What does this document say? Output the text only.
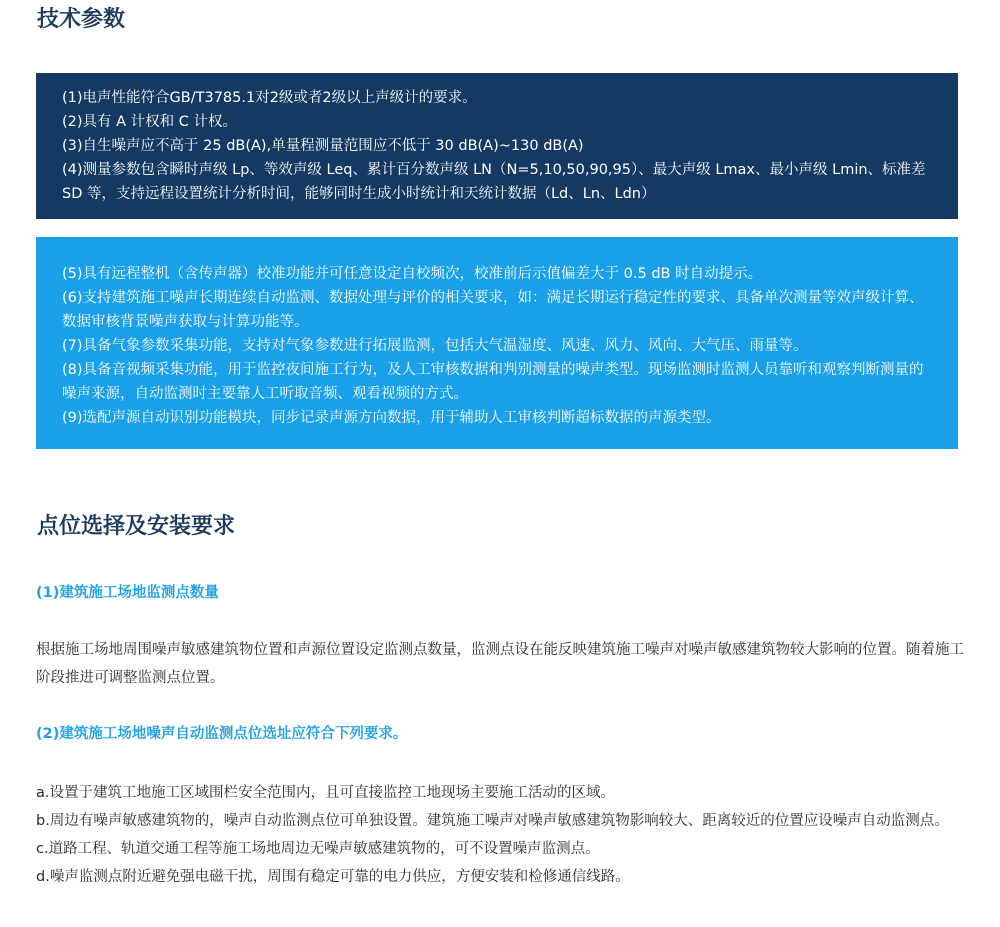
技术参数

(1)电声性能符合GB/T3785.1对2级或者2级以上声级计的要求。

(2)具有 A 计权和 C 计权。

(3)自生噪声应不高于 25 dB(A),单量程测量范围应不低于 30 dB(A)~130 dB(A)

(4)测量参数包含瞬时声级 Lp、等效声级 Leq、累计百分数声级 LN（N=5,10,50,90,95）、最大声级 Lmax、最小声级 Lmin、标准差 SD 等，支持远程设置统计分析时间，能够同时生成小时统计和天统计数据（Ld、Ln、Ldn）

(5)具有远程整机（含传声器）校准功能并可任意设定自校频次，校准前后示值偏差大于 0.5 dB 时自动提示。

(6)支持建筑施工噪声长期连续自动监测、数据处理与评价的相关要求，如：满足长期运行稳定性的要求、具备单次测量等效声级计算、数据审核背景噪声获取与计算功能等。

(7)具备气象参数采集功能，支持对气象参数进行拓展监测，包括大气温湿度、风速、风力、风向、大气压、雨量等。

(8)具备音视频采集功能，用于监控夜间施工行为，及人工审核数据和判别测量的噪声类型。现场监测时监测人员靠听和观察判断测量的噪声来源，自动监测时主要靠人工听取音频、观看视频的方式。

(9)选配声源自动识别功能模块，同步记录声源方向数据，用于辅助人工审核判断超标数据的声源类型。

点位选择及安装要求
(1)建筑施工场地监测点数量

根据施工场地周围噪声敏感建筑物位置和声源位置设定监测点数量，监测点设在能反映建筑施工噪声对噪声敏感建筑物较大影响的位置。随着施工阶段推进可调整监测点位置。

(2)建筑施工场地噪声自动监测点位选址应符合下列要求。

a.设置于建筑工地施工区域围栏安全范围内，且可直接监控工地现场主要施工活动的区域。

b.周边有噪声敏感建筑物的，噪声自动监测点位可单独设置。建筑施工噪声对噪声敏感建筑物影响较大、距离较近的位置应设噪声自动监测点。

c.道路工程、轨道交通工程等施工场地周边无噪声敏感建筑物的，可不设置噪声监测点。

d.噪声监测点附近避免强电磁干扰，周围有稳定可靠的电力供应，方便安装和检修通信线路。
